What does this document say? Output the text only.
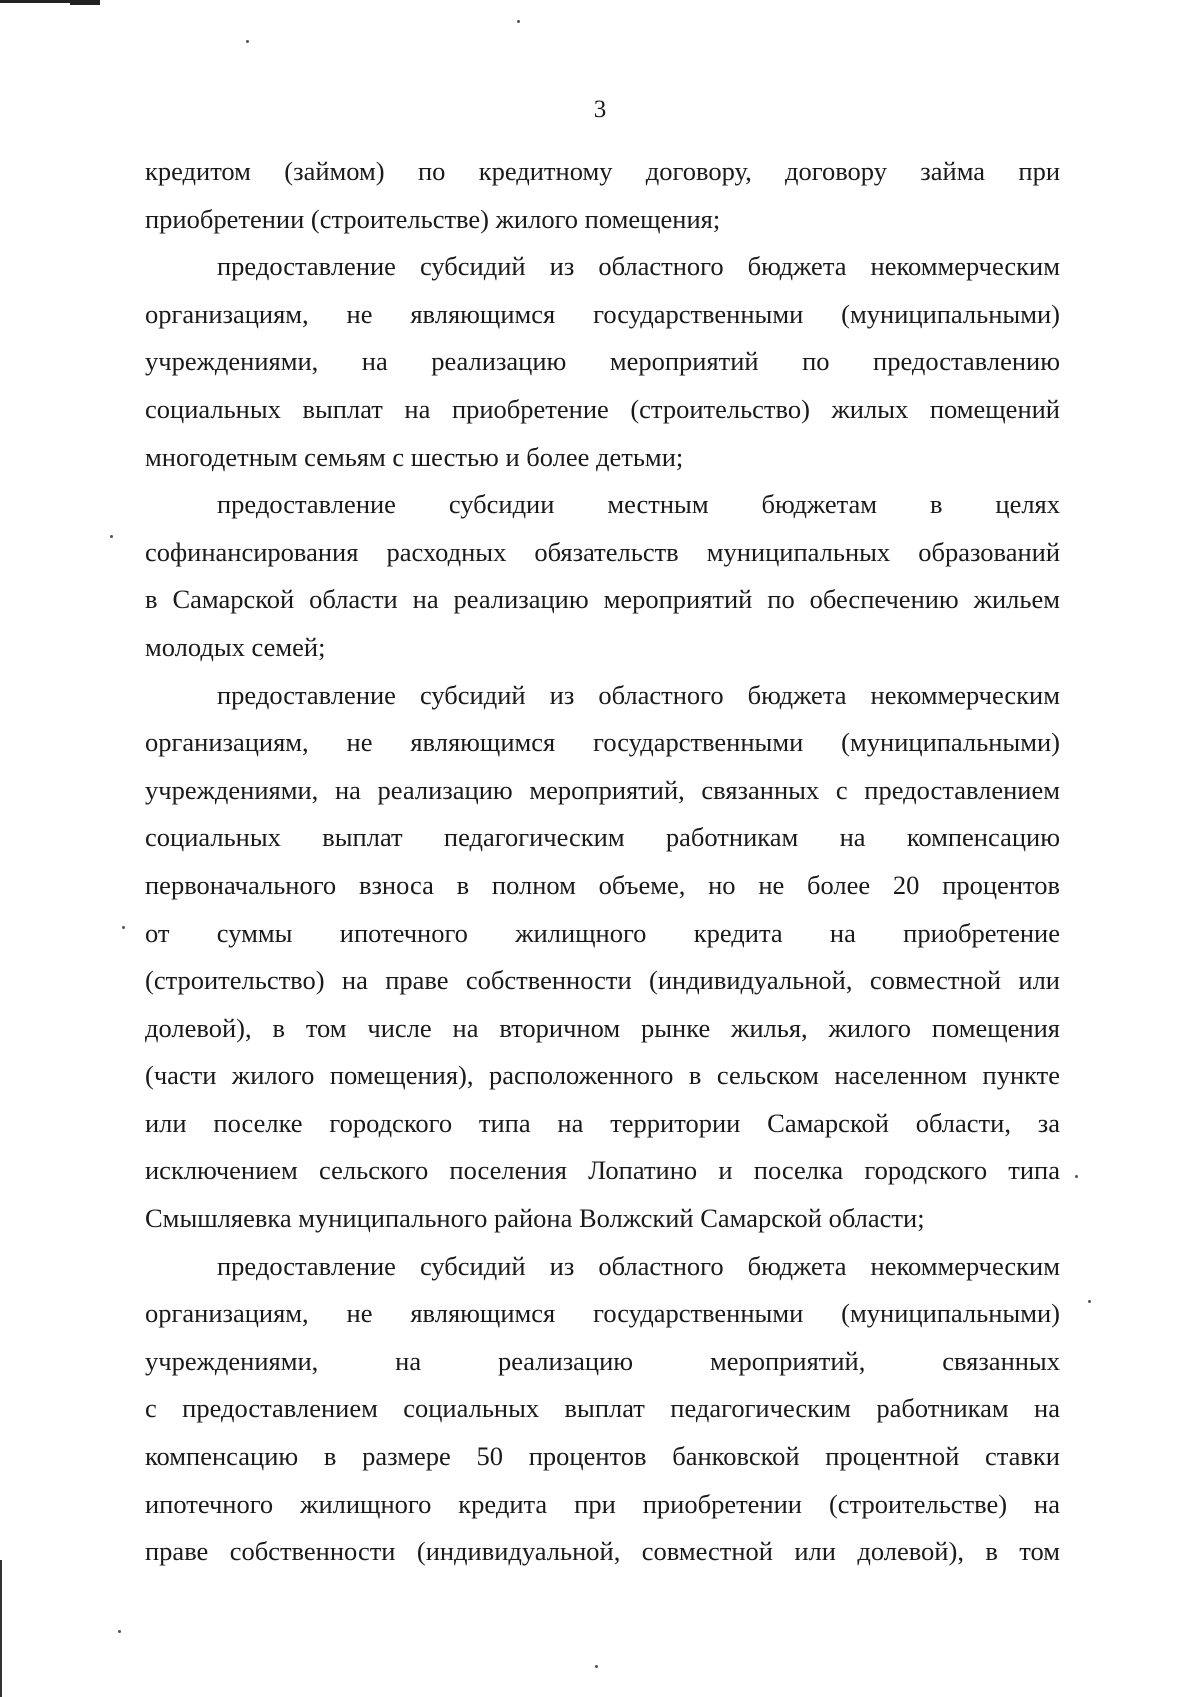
3
кредитом (займом) по кредитному договору, договору займа при
приобретении (строительстве) жилого помещения;
предоставление субсидий из областного бюджета некоммерческим
организациям, не являющимся государственными (муниципальными)
учреждениями, на реализацию мероприятий по предоставлению
социальных выплат на приобретение (строительство) жилых помещений
многодетным семьям с шестью и более детьми;
предоставление субсидии местным бюджетам в целях
софинансирования расходных обязательств муниципальных образований
в Самарской области на реализацию мероприятий по обеспечению жильем
молодых семей;
предоставление субсидий из областного бюджета некоммерческим
организациям, не являющимся государственными (муниципальными)
учреждениями, на реализацию мероприятий, связанных с предоставлением
социальных выплат педагогическим работникам на компенсацию
первоначального взноса в полном объеме, но не более 20 процентов
от суммы ипотечного жилищного кредита на приобретение
(строительство) на праве собственности (индивидуальной, совместной или
долевой), в том числе на вторичном рынке жилья, жилого помещения
(части жилого помещения), расположенного в сельском населенном пункте
или поселке городского типа на территории Самарской области, за
исключением сельского поселения Лопатино и поселка городского типа
Смышляевка муниципального района Волжский Самарской области;
предоставление субсидий из областного бюджета некоммерческим
организациям, не являющимся государственными (муниципальными)
учреждениями, на реализацию мероприятий, связанных
с предоставлением социальных выплат педагогическим работникам на
компенсацию в размере 50 процентов банковской процентной ставки
ипотечного жилищного кредита при приобретении (строительстве) на
праве собственности (индивидуальной, совместной или долевой), в том
